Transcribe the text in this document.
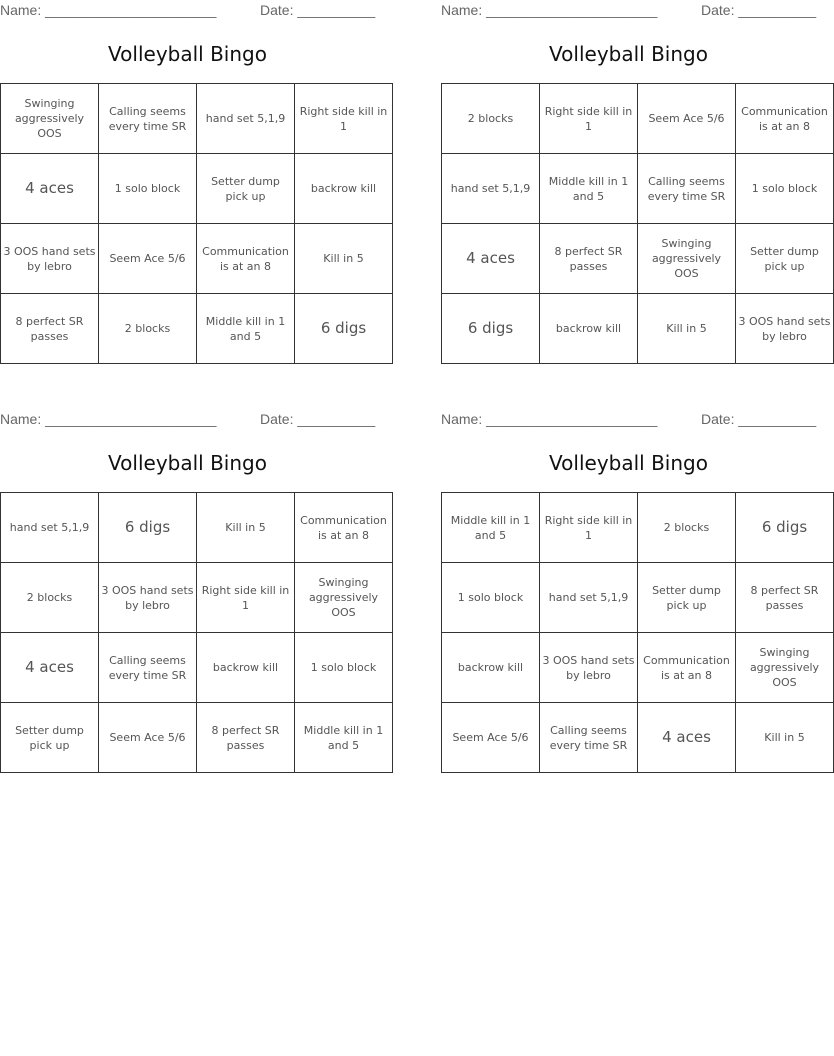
Name: ______________________	Date: __________
Volleyball Bingo
Swinging aggressively OOS	Calling seems every time SR	hand set 5,1,9	Right side kill in 1
4 aces	1 solo block	Setter dump pick up	backrow kill
3 OOS hand sets by lebro	Seem Ace 5/6	Communication is at an 8	Kill in 5
8 perfect SR passes	2 blocks	Middle kill in 1 and 5	6 digs
Name: ______________________	Date: __________
Volleyball Bingo
2 blocks	Right side kill in 1	Seem Ace 5/6	Communication is at an 8
hand set 5,1,9	Middle kill in 1 and 5	Calling seems every time SR	1 solo block
4 aces	8 perfect SR passes	Swinging aggressively OOS	Setter dump pick up
6 digs	backrow kill	Kill in 5	3 OOS hand sets by lebro
Name: ______________________	Date: __________
Volleyball Bingo
hand set 5,1,9	6 digs	Kill in 5	Communication is at an 8
2 blocks	3 OOS hand sets by lebro	Right side kill in 1	Swinging aggressively OOS
4 aces	Calling seems every time SR	backrow kill	1 solo block
Setter dump pick up	Seem Ace 5/6	8 perfect SR passes	Middle kill in 1 and 5
Name: ______________________	Date: __________
Volleyball Bingo
Middle kill in 1 and 5	Right side kill in 1	2 blocks	6 digs
1 solo block	hand set 5,1,9	Setter dump pick up	8 perfect SR passes
backrow kill	3 OOS hand sets by lebro	Communication is at an 8	Swinging aggressively OOS
Seem Ace 5/6	Calling seems every time SR	4 aces	Kill in 5
